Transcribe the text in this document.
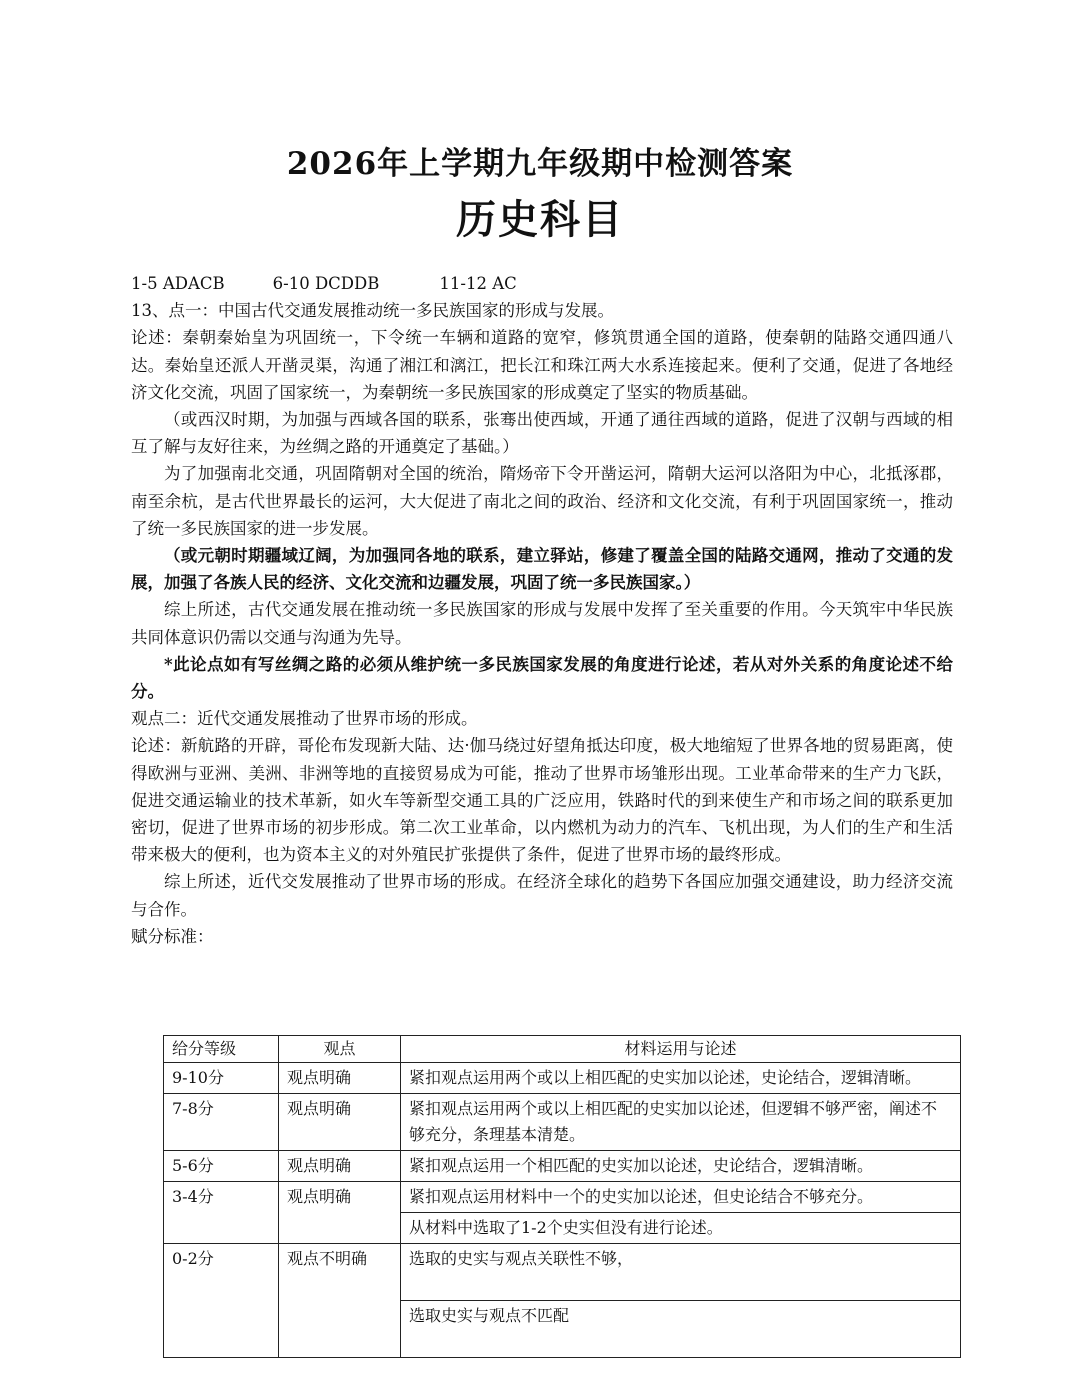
2026年上学期九年级期中检测答案
历史科目

1-5 ADACB	6-10 DCDDB	11-12 AC

13、点一：中国古代交通发展推动统一多民族国家的形成与发展。

论述：秦朝秦始皇为巩固统一，下令统一车辆和道路的宽窄，修筑贯通全国的道路，使秦朝的陆路交通四通八达。秦始皇还派人开凿灵渠，沟通了湘江和漓江，把长江和珠江两大水系连接起来。便利了交通，促进了各地经济文化交流，巩固了国家统一，为秦朝统一多民族国家的形成奠定了坚实的物质基础。

（或西汉时期，为加强与西域各国的联系，张骞出使西域，开通了通往西域的道路，促进了汉朝与西域的相互了解与友好往来，为丝绸之路的开通奠定了基础。）

为了加强南北交通，巩固隋朝对全国的统治，隋炀帝下令开凿运河，隋朝大运河以洛阳为中心，北抵涿郡，南至余杭，是古代世界最长的运河，大大促进了南北之间的政治、经济和文化交流，有利于巩固国家统一，推动了统一多民族国家的进一步发展。

（或元朝时期疆域辽阔，为加强同各地的联系，建立驿站，修建了覆盖全国的陆路交通网，推动了交通的发展，加强了各族人民的经济、文化交流和边疆发展，巩固了统一多民族国家。）

综上所述，古代交通发展在推动统一多民族国家的形成与发展中发挥了至关重要的作用。今天筑牢中华民族共同体意识仍需以交通与沟通为先导。

*此论点如有写丝绸之路的必须从维护统一多民族国家发展的角度进行论述，若从对外关系的角度论述不给分。

观点二：近代交通发展推动了世界市场的形成。

论述：新航路的开辟，哥伦布发现新大陆、达·伽马绕过好望角抵达印度，极大地缩短了世界各地的贸易距离，使得欧洲与亚洲、美洲、非洲等地的直接贸易成为可能，推动了世界市场雏形出现。工业革命带来的生产力飞跃，促进交通运输业的技术革新，如火车等新型交通工具的广泛应用，铁路时代的到来使生产和市场之间的联系更加密切，促进了世界市场的初步形成。第二次工业革命，以内燃机为动力的汽车、飞机出现，为人们的生产和生活带来极大的便利，也为资本主义的对外殖民扩张提供了条件，促进了世界市场的最终形成。

综上所述，近代交发展推动了世界市场的形成。在经济全球化的趋势下各国应加强交通建设，助力经济交流与合作。

赋分标准：

给分等级	观点	材料运用与论述
9-10分	观点明确	紧扣观点运用两个或以上相匹配的史实加以论述，史论结合，逻辑清晰。
7-8分	观点明确	紧扣观点运用两个或以上相匹配的史实加以论述，但逻辑不够严密，阐述不够充分，条理基本清楚。
5-6分	观点明确	紧扣观点运用一个相匹配的史实加以论述，史论结合，逻辑清晰。
3-4分	观点明确	紧扣观点运用材料中一个的史实加以论述，但史论结合不够充分。
		从材料中选取了1-2个史实但没有进行论述。
0-2分	观点不明确	选取的史实与观点关联性不够，
		选取史实与观点不匹配
